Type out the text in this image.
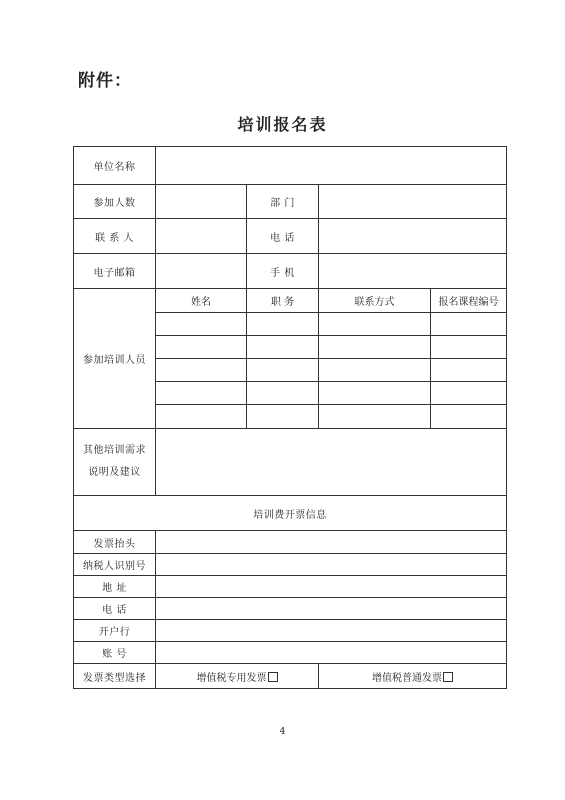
附件：
培训报名表
单位名称				
参加人数		部 门		
联 系 人		电 话		
电子邮箱		手 机		
参加培训人员	姓名	职 务	联系方式	报名课程编号

其他培训需求
说明及建议				
培训费开票信息				
发票抬头				
纳税人识别号				
地 址				
电 话				
开户行				
账 号				
发票类型选择	增值税专用发票		增值税普通发票	
4
